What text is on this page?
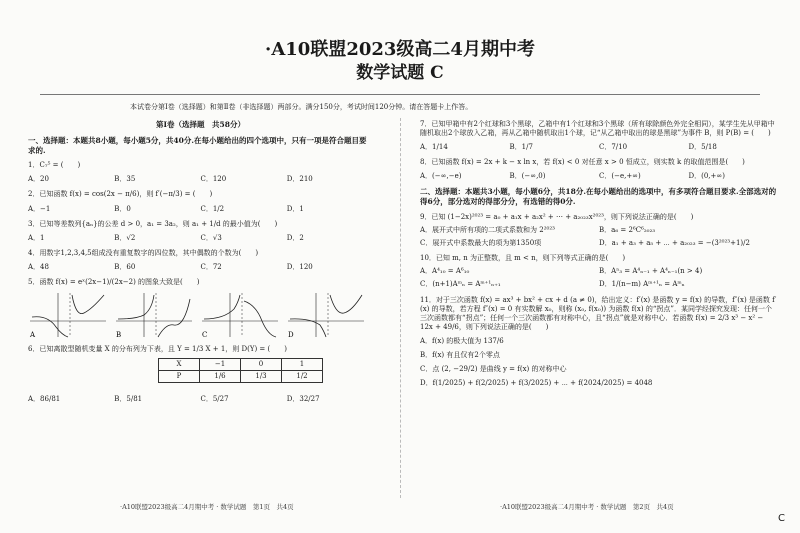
·A10联盟2023级高二4月期中考
数学试题 C
本试卷分第Ⅰ卷（选择题）和第Ⅱ卷（非选择题）两部分。满分150分，考试时间120分钟。请在答题卡上作答。
第Ⅰ卷（选择题　共58分）
一、选择题：本题共8小题，每小题5分，共40分.在每小题给出的四个选项中，只有一项是符合题目要求的.
1．C₇⁵ = (　　)
A．20	B．35	C．120	D．210
2．已知函数 f(x) = cos(2x − π/6)，则 f′(−π/3) = (　　)
A．−1	B．0	C．1/2	D．1
3．已知等差数列{aₙ}的公差 d > 0，a₁ = 3a₂，则 a₁ + 1/d 的最小值为(　　)
A．1	B．√2	C．√3	D．2
4．用数字1,2,3,4,5组成没有重复数字的四位数，其中偶数的个数为(　　)
A．48	B．60	C．72	D．120
5．函数 f(x) = eˣ(2x−1)/(2x−2) 的图象大致是(　　)
A	B	C	D
6．已知离散型随机变量 X 的分布列为下表，且 Y = 1/3 X + 1，则 D(Y) = (　　)
X	−1	0	1
P	1/6	1/3	1/2
A．86/81	B．5/81	C．5/27	D．32/27
7．已知甲箱中有2个红球和3个黑球，乙箱中有1个红球和3个黑球（所有球除颜色外完全相同），某学生先从甲箱中随机取出2个球放入乙箱，再从乙箱中随机取出1个球，记“从乙箱中取出的球是黑球”为事件 B，则 P(B) = (　　)
A．1/14	B．1/7	C．7/10	D．5/18
8．已知函数 f(x) = 2x + k − x ln x，若 f(x) < 0 对任意 x > 0 恒成立，则实数 k 的取值范围是(　　)
A．(−∞,−e)	B．(−∞,0)	C．(−e,+∞)	D．(0,+∞)
二、选择题：本题共3小题，每小题6分，共18分.在每小题给出的选项中，有多项符合题目要求.全部选对的得6分，部分选对的得部分分，有选错的得0分.
9．已知 (1−2x)²⁰²³ = a₀ + a₁x + a₂x² + ⋯ + a₂₀₂₃x²⁰²³，则下列说法正确的是(　　)
A．展开式中所有项的二项式系数和为 2²⁰²³	B．a₆ = 2⁶C⁶₂₀₂₃
C．展开式中系数最大的项为第1350项	D．a₁ + a₃ + a₅ + ⋯ + a₂₀₂₃ = −(3²⁰²³+1)/2
10．已知 m, n 为正整数，且 m < n，则下列等式正确的是(　　)
A．A⁴₁₀ = A⁶₁₀	B．Aⁿ₃ = A⁴ₙ₋₁ + A⁴ₙ₋₁(n > 4)
C．(n+1)Aᵐₙ = Aᵐ⁺¹ₙ₊₁	D．1/(n−m) Aᵐ⁺¹ₙ = Aᵐₙ
11．对于三次函数 f(x) = ax³ + bx² + cx + d (a ≠ 0)，给出定义：f′(x) 是函数 y = f(x) 的导数，f″(x) 是函数 f′(x) 的导数，若方程 f″(x) = 0 有实数解 x₀，则称 (x₀, f(x₀)) 为函数 f(x) 的“拐点”．某同学经探究发现：任何一个三次函数都有“拐点”；任何一个三次函数都有对称中心，且“拐点”就是对称中心．若函数 f(x) = 2/3 x³ − x² − 12x + 49/6，则下列说法正确的是(　　)
A．f(x) 的极大值为 137/6
B．f(x) 有且仅有2个零点
C．点 (2, −29/2) 是曲线 y = f(x) 的对称中心
D．f(1/2025) + f(2/2025) + f(3/2025) + ⋯ + f(2024/2025) = 4048
·A10联盟2023级高二4月期中考 · 数学试题　第1页　共4页	·A10联盟2023级高二4月期中考 · 数学试题　第2页　共4页
C
